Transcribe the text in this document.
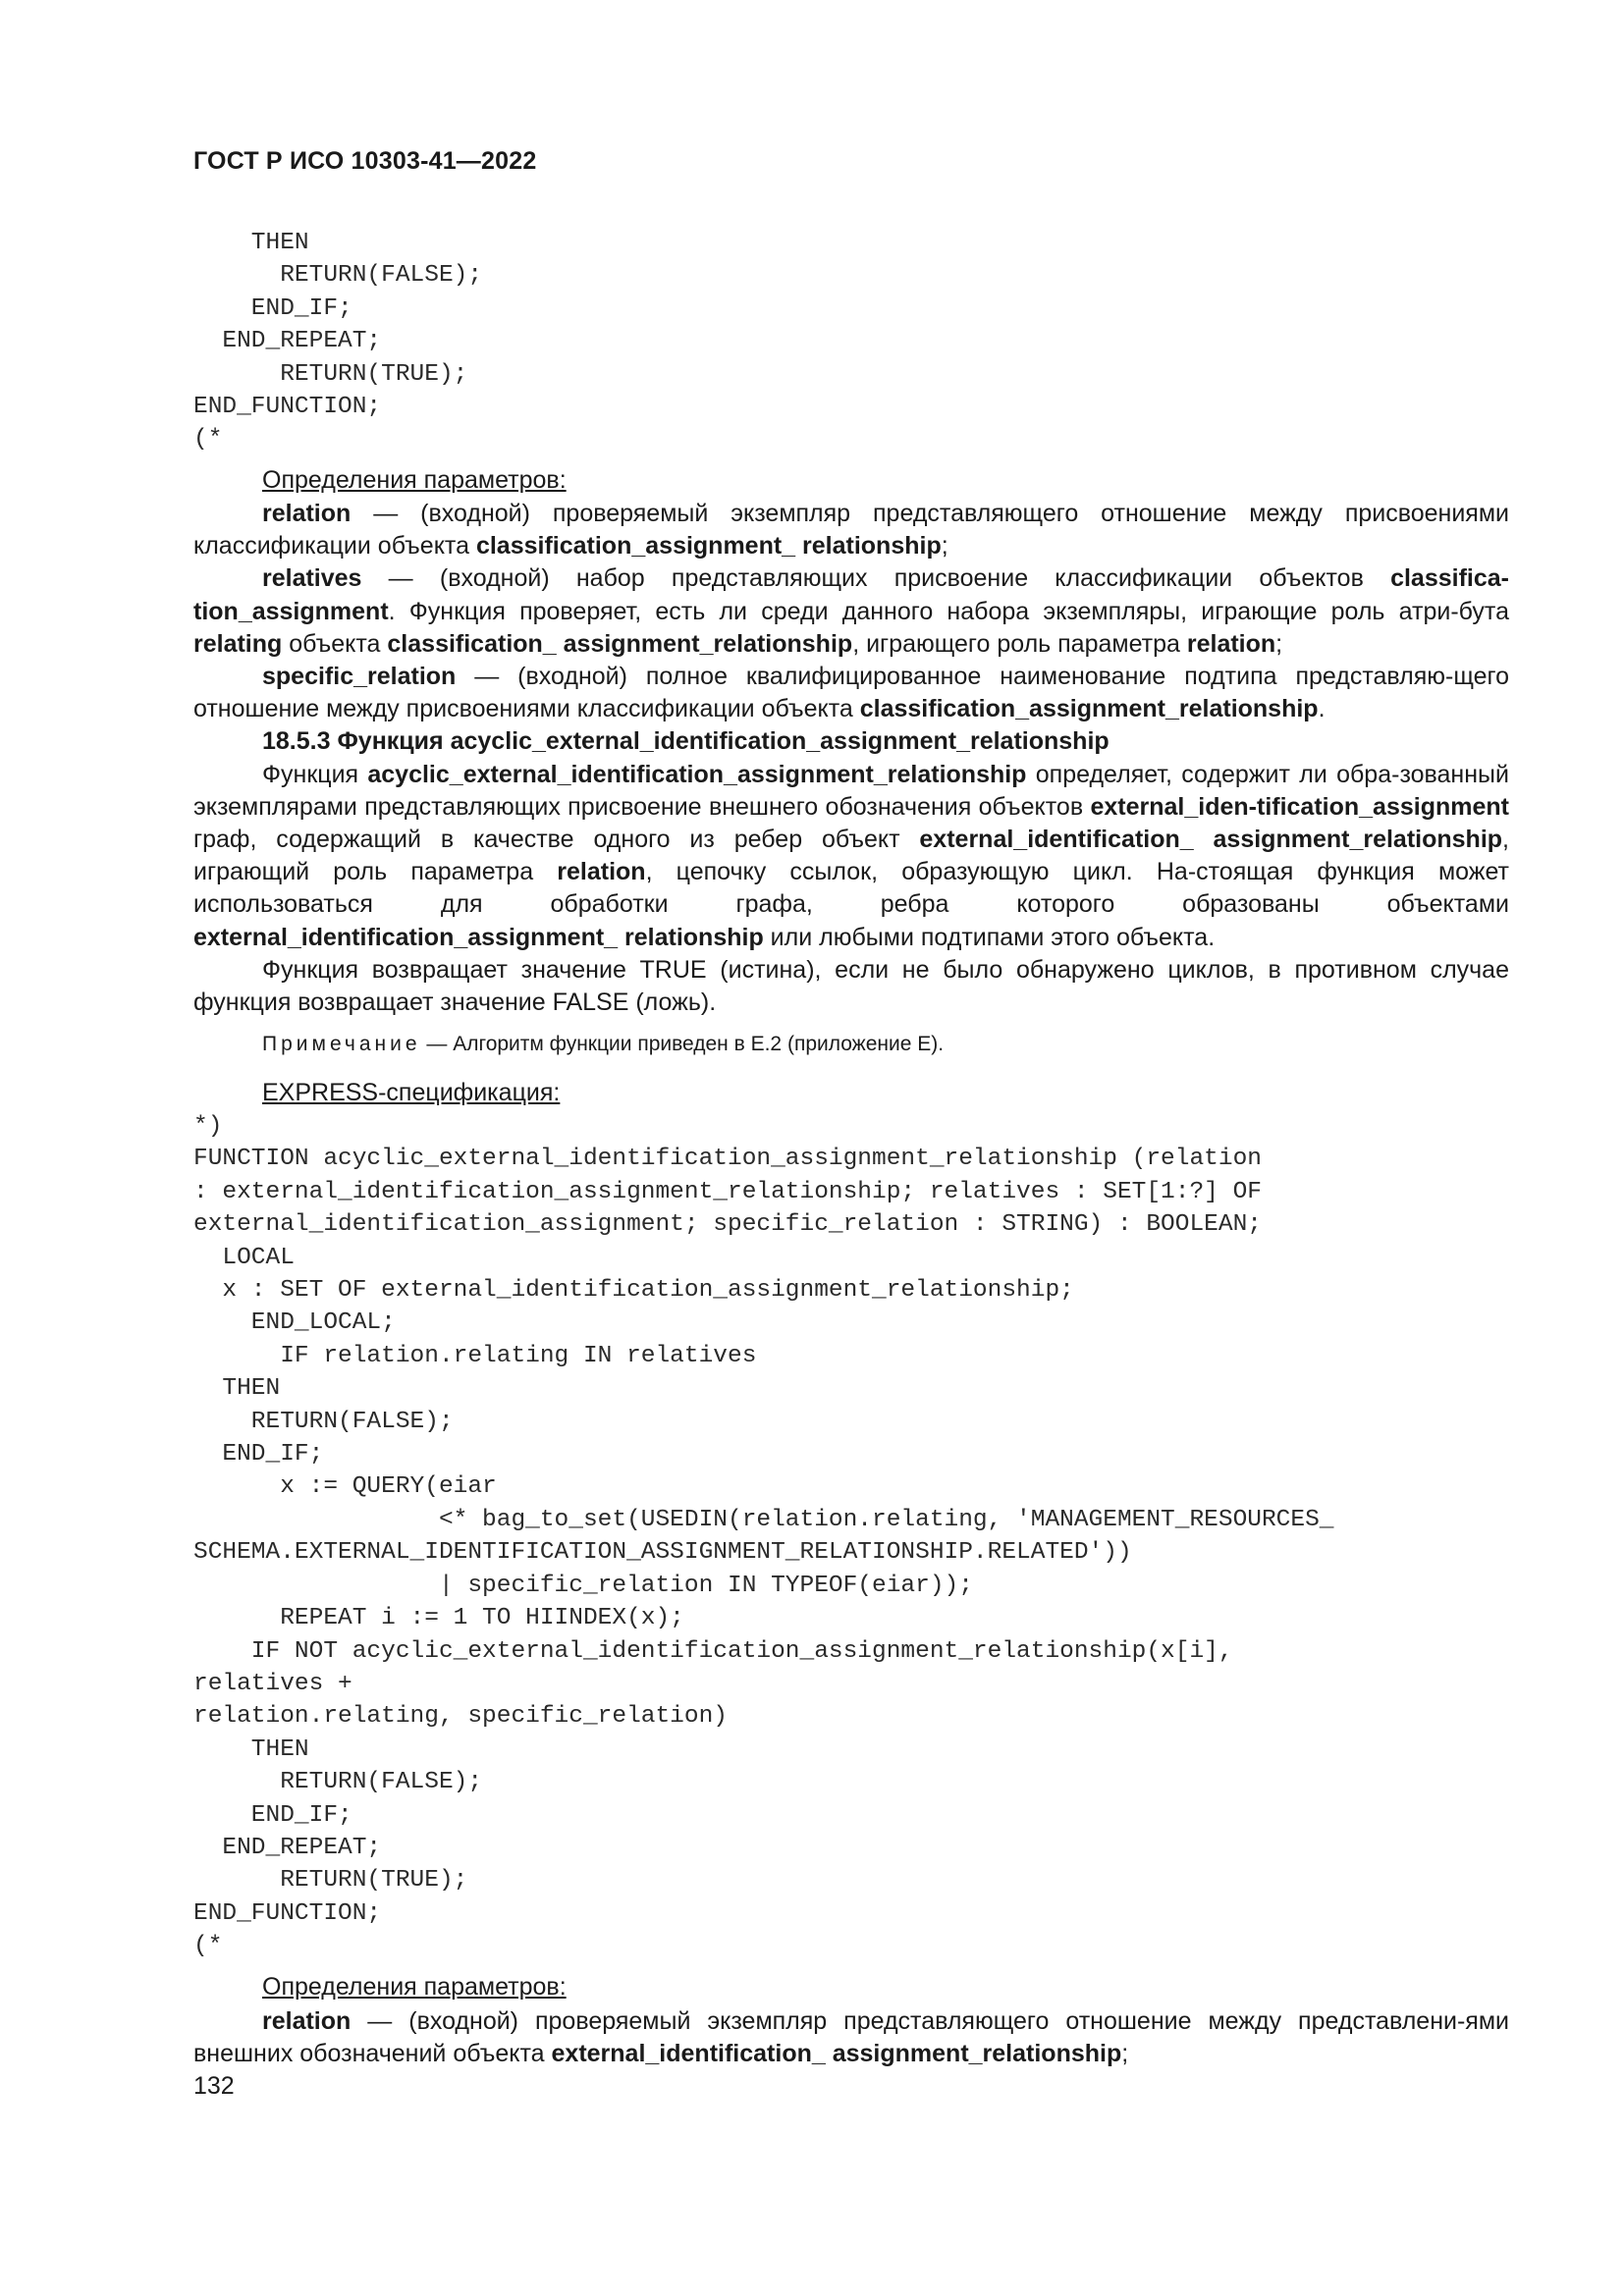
ГОСТ Р ИСО 10303-41—2022
THEN
RETURN(FALSE);
END_IF;
END_REPEAT;
RETURN(TRUE);
END_FUNCTION;
(*
Определения параметров:

relation — (входной) проверяемый экземпляр представляющего отношение между присвоениями классификации объекта classification_assignment_ relationship;

relatives — (входной) набор представляющих присвоение классификации объектов classifica-tion_assignment. Функция проверяет, есть ли среди данного набора экземпляры, играющие роль атри-бута relating объекта classification_ assignment_relationship, играющего роль параметра relation;

specific_relation — (входной) полное квалифицированное наименование подтипа представляю-щего отношение между присвоениями классификации объекта classification_assignment_relationship.

18.5.3 Функция acyclic_external_identification_assignment_relationship

Функция acyclic_external_identification_assignment_relationship определяет, содержит ли обра-зованный экземплярами представляющих присвоение внешнего обозначения объектов external_iden-tification_assignment граф, содержащий в качестве одного из ребер объект external_identification_ assignment_relationship, играющий роль параметра relation, цепочку ссылок, образующую цикл. На-стоящая функция может использоваться для обработки графа, ребра которого образованы объектами external_identification_assignment_ relationship или любыми подтипами этого объекта.

Функция возвращает значение TRUE (истина), если не было обнаружено циклов, в противном случае функция возвращает значение FALSE (ложь).

Примечание — Алгоритм функции приведен в E.2 (приложение E).
EXPRESS-спецификация:
*)
FUNCTION acyclic_external_identification_assignment_relationship (relation
: external_identification_assignment_relationship; relatives : SET[1:?] OF
external_identification_assignment; specific_relation : STRING) : BOOLEAN;
LOCAL
x : SET OF external_identification_assignment_relationship;
END_LOCAL;
IF relation.relating IN relatives
THEN
RETURN(FALSE);
END_IF;
x := QUERY(eiar
<* bag_to_set(USEDIN(relation.relating, 'MANAGEMENT_RESOURCES_
SCHEMA.EXTERNAL_IDENTIFICATION_ASSIGNMENT_RELATIONSHIP.RELATED'))
| specific_relation IN TYPEOF(eiar));
REPEAT i := 1 TO HIINDEX(x);
IF NOT acyclic_external_identification_assignment_relationship(x[i],
relatives +
relation.relating, specific_relation)
THEN
RETURN(FALSE);
END_IF;
END_REPEAT;
RETURN(TRUE);
END_FUNCTION;
(*
Определения параметров:

relation — (входной) проверяемый экземпляр представляющего отношение между представлени-ями внешних обозначений объекта external_identification_ assignment_relationship;

132
